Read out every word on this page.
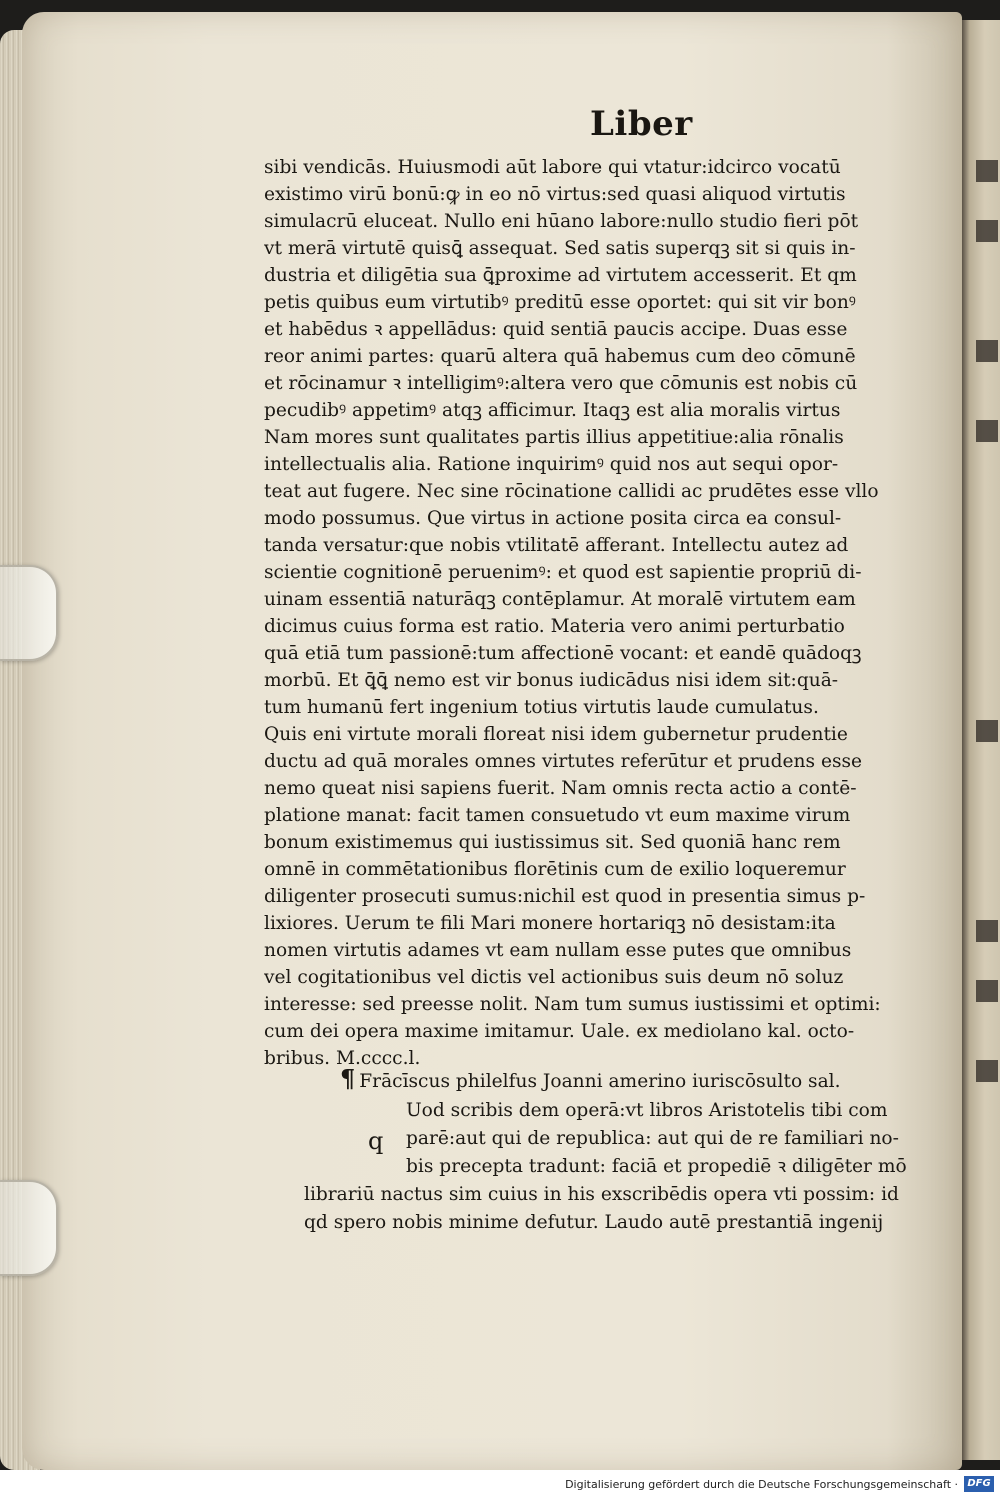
Liber
sibi vendicās. Huiusmodi aūt labore qui vtatur:idcirco vocatū
existimo virū bonū:ꝙ in eo nō virtus:sed quasi aliquod virtutis
simulacrū eluceat. Nullo eni hūano labore:nullo studio fieri pōt
vt merā virtutē quisꝗ̄ assequat. Sed satis superqꝫ sit si quis in-
dustria et diligētia sua ꝗ̄proxime ad virtutem accesserit. Et qm
petis quibus eum virtutibꝰ preditū esse oportet: qui sit vir bonꝰ
et habēdus ꝛ appellādus: quid sentiā paucis accipe. Duas esse
reor animi partes: quarū altera quā habemus cum deo cōmunē
et rōcinamur ꝛ intelligimꝰ:altera vero que cōmunis est nobis cū
pecudibꝰ appetimꝰ atqꝫ afficimur. Itaqꝫ est alia moralis virtus
Nam mores sunt qualitates partis illius appetitiue:alia rōnalis
intellectualis alia. Ratione inquirimꝰ quid nos aut sequi opor-
teat aut fugere. Nec sine rōcinatione callidi ac prudētes esse vllo
modo possumus. Que virtus in actione posita circa ea consul-
tanda versatur:que nobis vtilitatē afferant. Intellectu autez ad
scientie cognitionē peruenimꝰ: et quod est sapientie propriū di-
uinam essentiā naturāqꝫ contēplamur. At moralē virtutem eam
dicimus cuius forma est ratio. Materia vero animi perturbatio
quā etiā tum passionē:tum affectionē vocant: et eandē quādoqꝫ
morbū. Et ꝗ̄ꝗ̄ nemo est vir bonus iudicādus nisi idem sit:quā-
tum humanū fert ingenium totius virtutis laude cumulatus.
Quis eni virtute morali floreat nisi idem gubernetur prudentie
ductu ad quā morales omnes virtutes referūtur et prudens esse
nemo queat nisi sapiens fuerit. Nam omnis recta actio a contē-
platione manat: facit tamen consuetudo vt eum maxime virum
bonum existimemus qui iustissimus sit. Sed quoniā hanc rem
omnē in commētationibus florētinis cum de exilio loqueremur
diligenter prosecuti sumus:nichil est quod in presentia simus p-
lixiores. Uerum te fili Mari monere hortariqꝫ nō desistam:ita
nomen virtutis adames vt eam nullam esse putes que omnibus
vel cogitationibus vel dictis vel actionibus suis deum nō soluz
interesse: sed preesse nolit. Nam tum sumus iustissimi et optimi:
cum dei opera maxime imitamur. Uale. ex mediolano kal. octo-
bribus. M.cccc.l.
¶ Frācīscus philelfus Joanni amerino iuriscōsulto sal.
q
Uod scribis dem operā:vt libros Aristotelis tibi com
parē:aut qui de republica: aut qui de re familiari no-
bis precepta tradunt: faciā et propediē ꝛ diligēter mō
librariū nactus sim cuius in his exscribēdis opera vti possim: id
qd spero nobis minime defutur. Laudo autē prestantiā ingenij
Digitalisierung gefördert durch die Deutsche Forschungsgemeinschaft · DFG
